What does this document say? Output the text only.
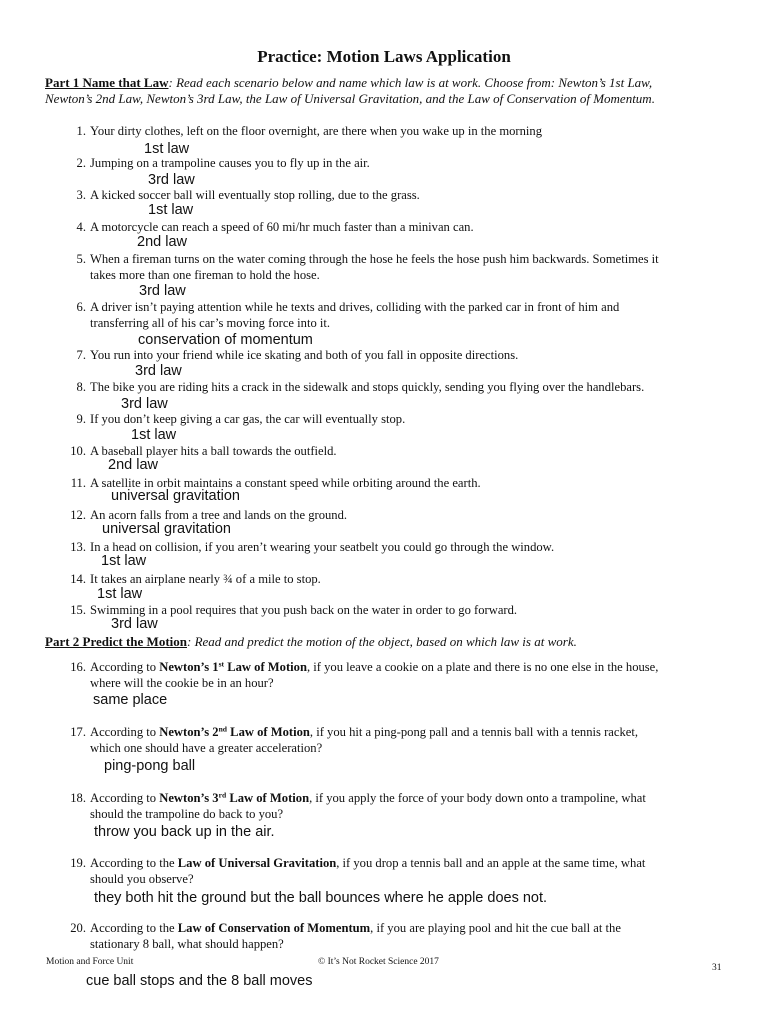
Practice: Motion Laws Application
Part 1 Name that Law: Read each scenario below and name which law is at work. Choose from: Newton’s 1st Law,
Newton’s 2nd Law, Newton’s 3rd Law, the Law of Universal Gravitation, and the Law of Conservation of Momentum.
1. Your dirty clothes, left on the floor overnight, are there when you wake up in the morning
1st law
2. Jumping on a trampoline causes you to fly up in the air.
3rd law
3. A kicked soccer ball will eventually stop rolling, due to the grass.
1st law
4. A motorcycle can reach a speed of 60 mi/hr much faster than a minivan can.
2nd law
5. When a fireman turns on the water coming through the hose he feels the hose push him backwards. Sometimes it
takes more than one fireman to hold the hose.
3rd law
6. A driver isn’t paying attention while he texts and drives, colliding with the parked car in front of him and
transferring all of his car’s moving force into it.
conservation of momentum
7. You run into your friend while ice skating and both of you fall in opposite directions.
3rd law
8. The bike you are riding hits a crack in the sidewalk and stops quickly, sending you flying over the handlebars.
3rd law
9. If you don’t keep giving a car gas, the car will eventually stop.
1st law
10. A baseball player hits a ball towards the outfield.
2nd law
11. A satellite in orbit maintains a constant speed while orbiting around the earth.
universal gravitation
12. An acorn falls from a tree and lands on the ground.
universal gravitation
13. In a head on collision, if you aren’t wearing your seatbelt you could go through the window.
1st law
14. It takes an airplane nearly ¾ of a mile to stop.
1st law
15. Swimming in a pool requires that you push back on the water in order to go forward.
3rd law
Part 2 Predict the Motion: Read and predict the motion of the object, based on which law is at work.
16. According to Newton’s 1st Law of Motion, if you leave a cookie on a plate and there is no one else in the house,
where will the cookie be in an hour?
same place
17. According to Newton’s 2nd Law of Motion, if you hit a ping-pong pall and a tennis ball with a tennis racket,
which one should have a greater acceleration?
ping-pong ball
18. According to Newton’s 3rd Law of Motion, if you apply the force of your body down onto a trampoline, what
should the trampoline do back to you?
throw you back up in the air.
19. According to the Law of Universal Gravitation, if you drop a tennis ball and an apple at the same time, what
should you observe?
they both hit the ground but the ball bounces where he apple does not.
20. According to the Law of Conservation of Momentum, if you are playing pool and hit the cue ball at the
stationary 8 ball, what should happen?
Motion and Force Unit	© It’s Not Rocket Science 2017
31
cue ball stops and the 8 ball moves
